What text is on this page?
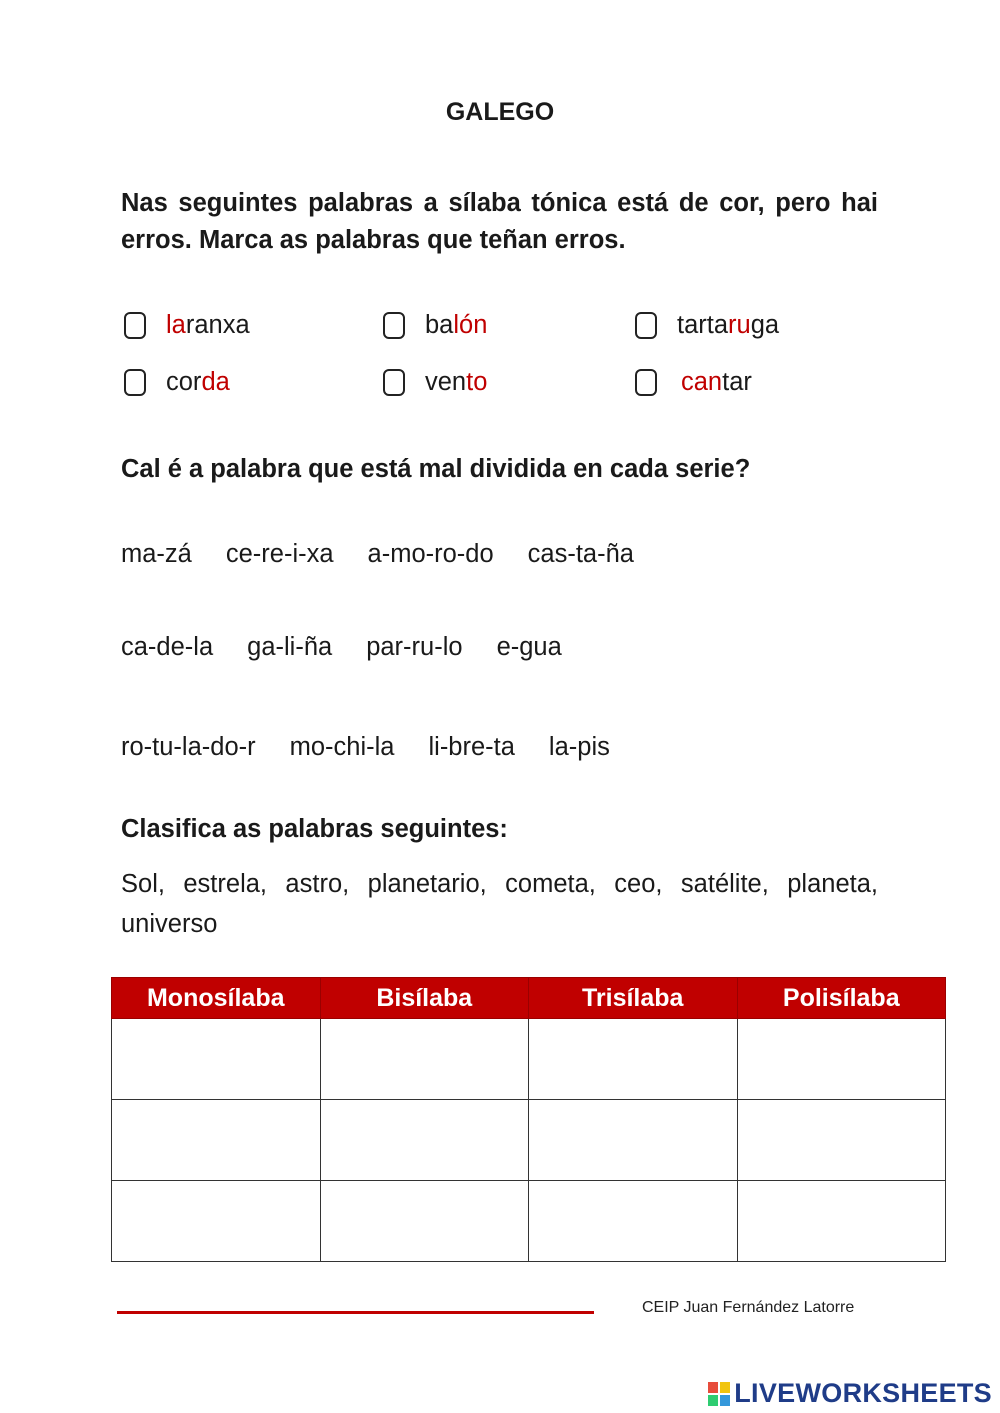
GALEGO
Nas seguintes palabras a sílaba tónica está de cor, pero hai erros. Marca as palabras que teñan erros.
laranxa	balón	tartaruga
corda	vento	cantar
Cal é a palabra que está mal dividida en cada serie?
ma-zá ce-re-i-xa a-mo-ro-do cas-ta-ña
ca-de-la ga-li-ña par-ru-lo e-gua
ro-tu-la-do-r mo-chi-la li-bre-ta la-pis
Clasifica as palabras seguintes:
Sol, estrela, astro, planetario, cometa, ceo, satélite, planeta, universo
Monosílaba	Bisílaba	Trisílaba	Polisílaba

CEIP Juan Fernández Latorre
LIVEWORKSHEETS
